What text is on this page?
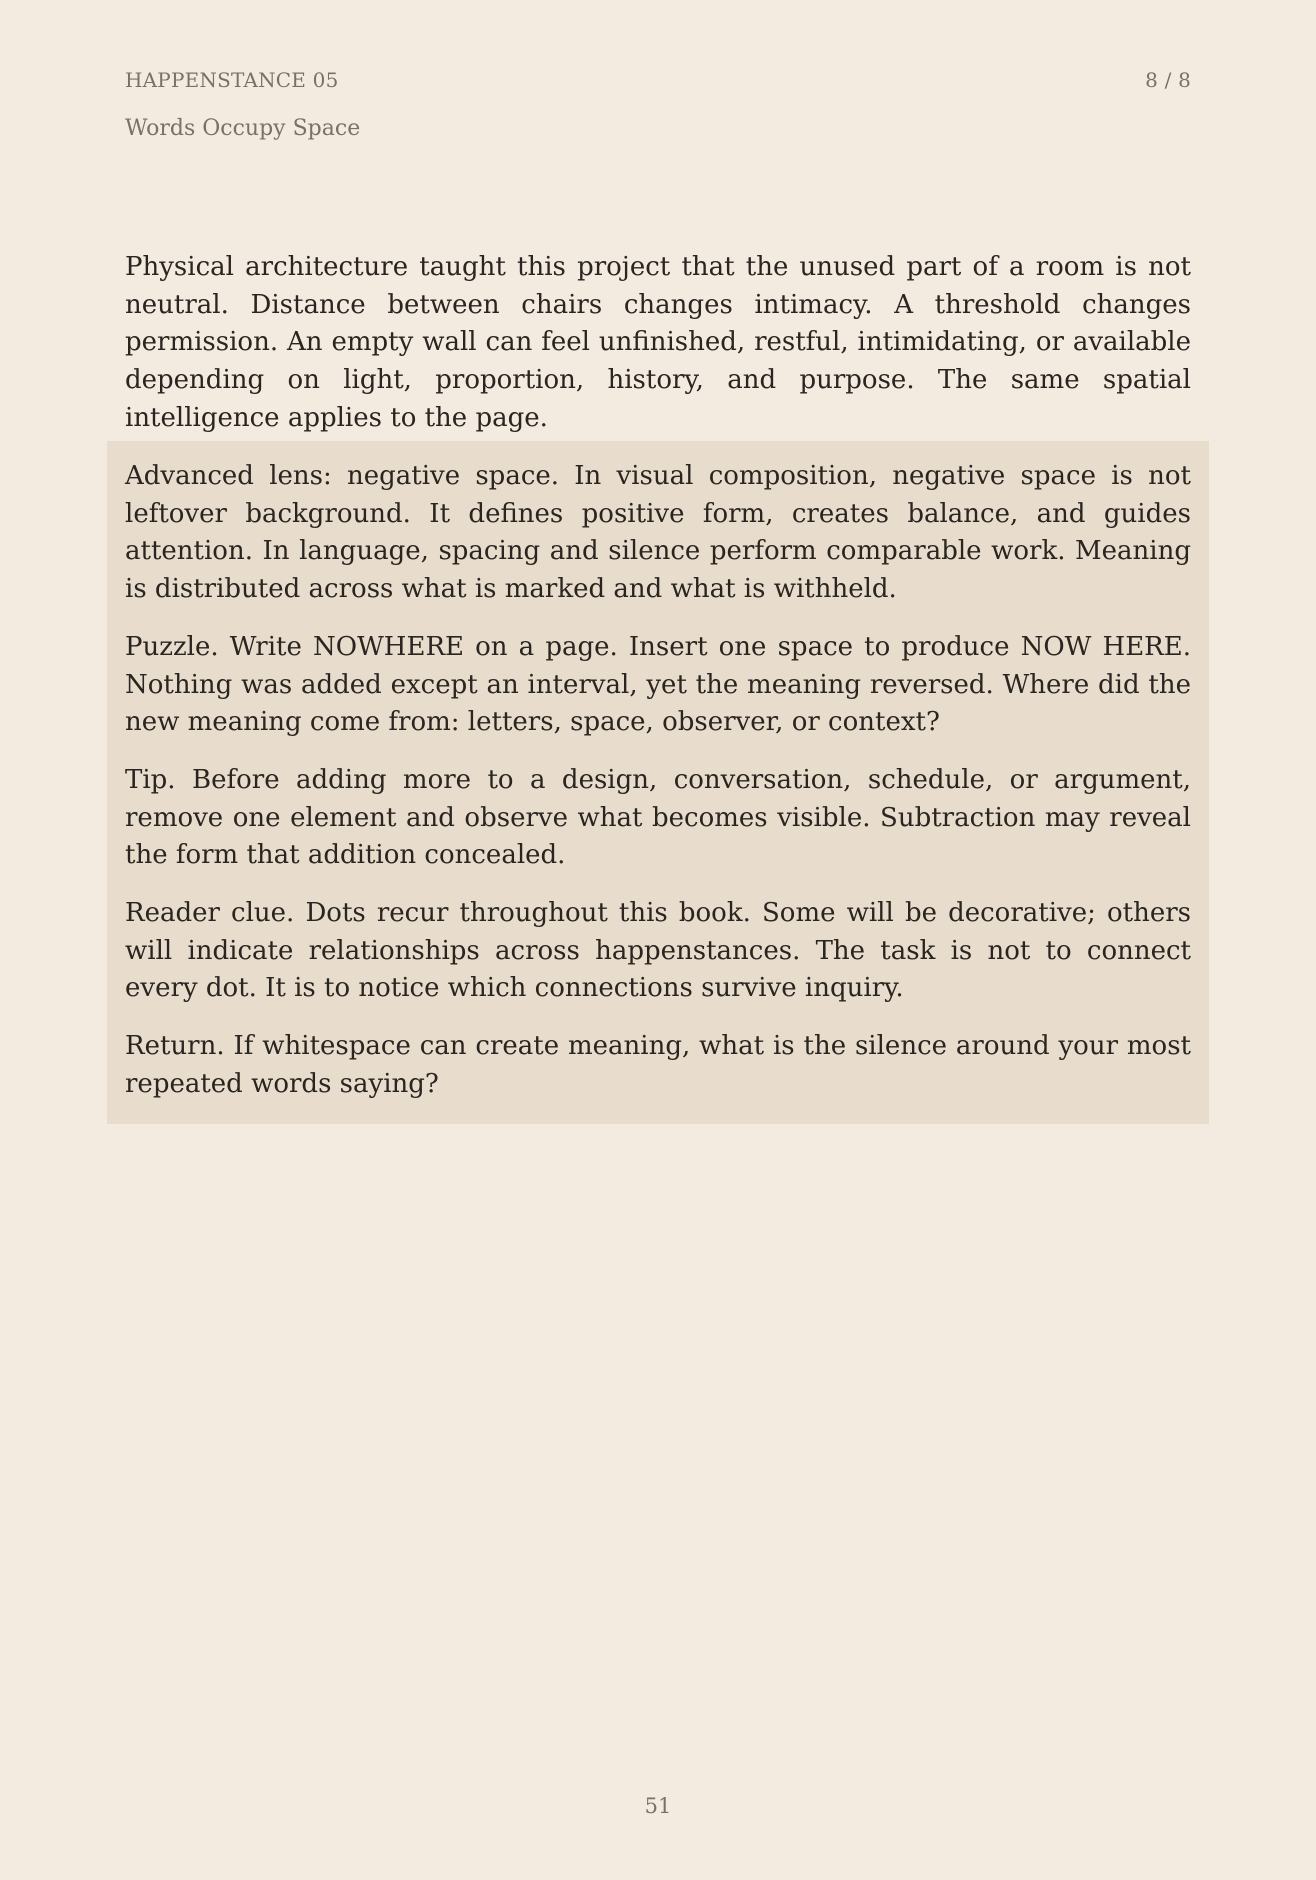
HAPPENSTANCE 05	8 / 8
Words Occupy Space

Physical architecture taught this project that the unused part of a room is not neutral. Distance between chairs changes intimacy. A threshold changes permission. An empty wall can feel unfinished, restful, intimidating, or available depending on light, proportion, history, and purpose. The same spatial intelligence applies to the page.

Advanced lens: negative space. In visual composition, negative space is not leftover background. It defines positive form, creates balance, and guides attention. In language, spacing and silence perform comparable work. Meaning is distributed across what is marked and what is withheld.

Puzzle. Write NOWHERE on a page. Insert one space to produce NOW HERE. Nothing was added except an interval, yet the meaning reversed. Where did the new meaning come from: letters, space, observer, or context?

Tip. Before adding more to a design, conversation, schedule, or argument, remove one element and observe what becomes visible. Subtraction may reveal the form that addition concealed.

Reader clue. Dots recur throughout this book. Some will be decorative; others will indicate relationships across happenstances. The task is not to connect every dot. It is to notice which connections survive inquiry.

Return. If whitespace can create meaning, what is the silence around your most repeated words saying?

51
